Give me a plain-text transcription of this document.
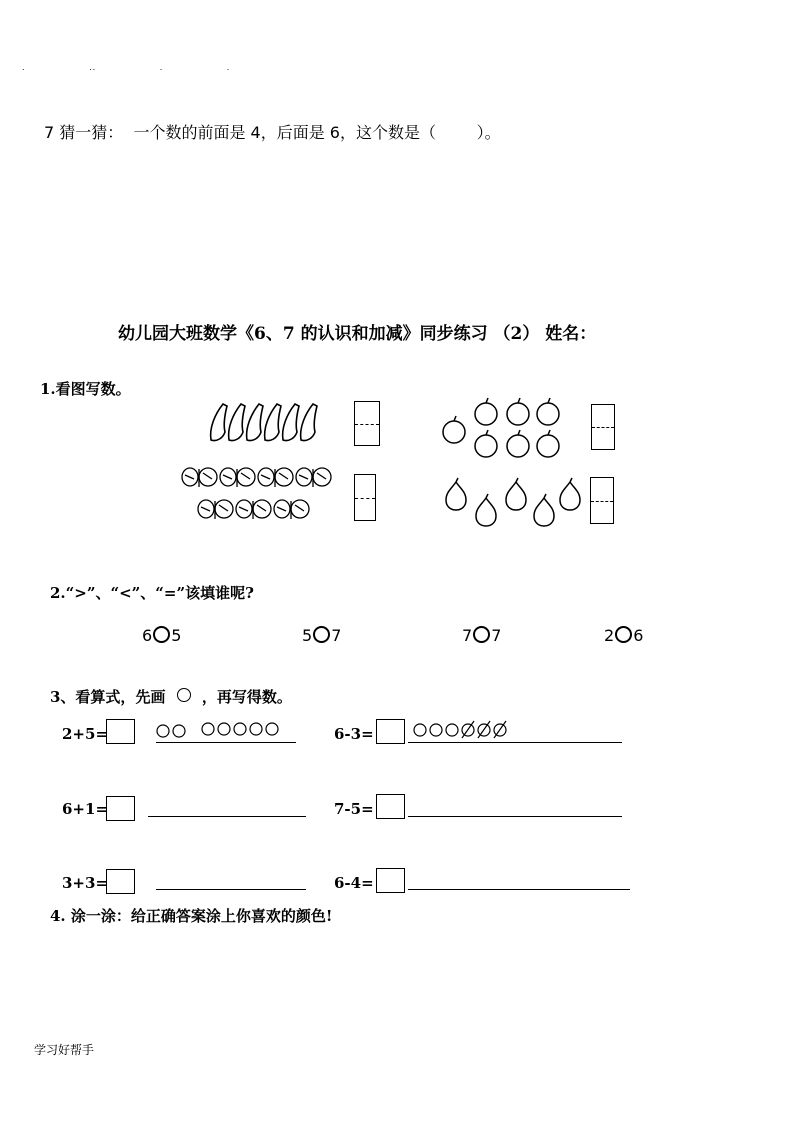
. .. . .
7 猜一猜：  一个数的前面是 4，后面是 6，这个数是（        ）。
幼儿园大班数学《6、7 的认识和加减》同步练习 （2） 姓名：
1.看图写数。
2.“>”、“<”、“=”该填谁呢?
6 5	5 7	7 7	2 6
3、看算式，先画 ，再写得数。
2+5=	6-3=
6+1=	7-5=
3+3=	6-4=
4. 涂一涂：给正确答案涂上你喜欢的颜色!
学习好帮手
